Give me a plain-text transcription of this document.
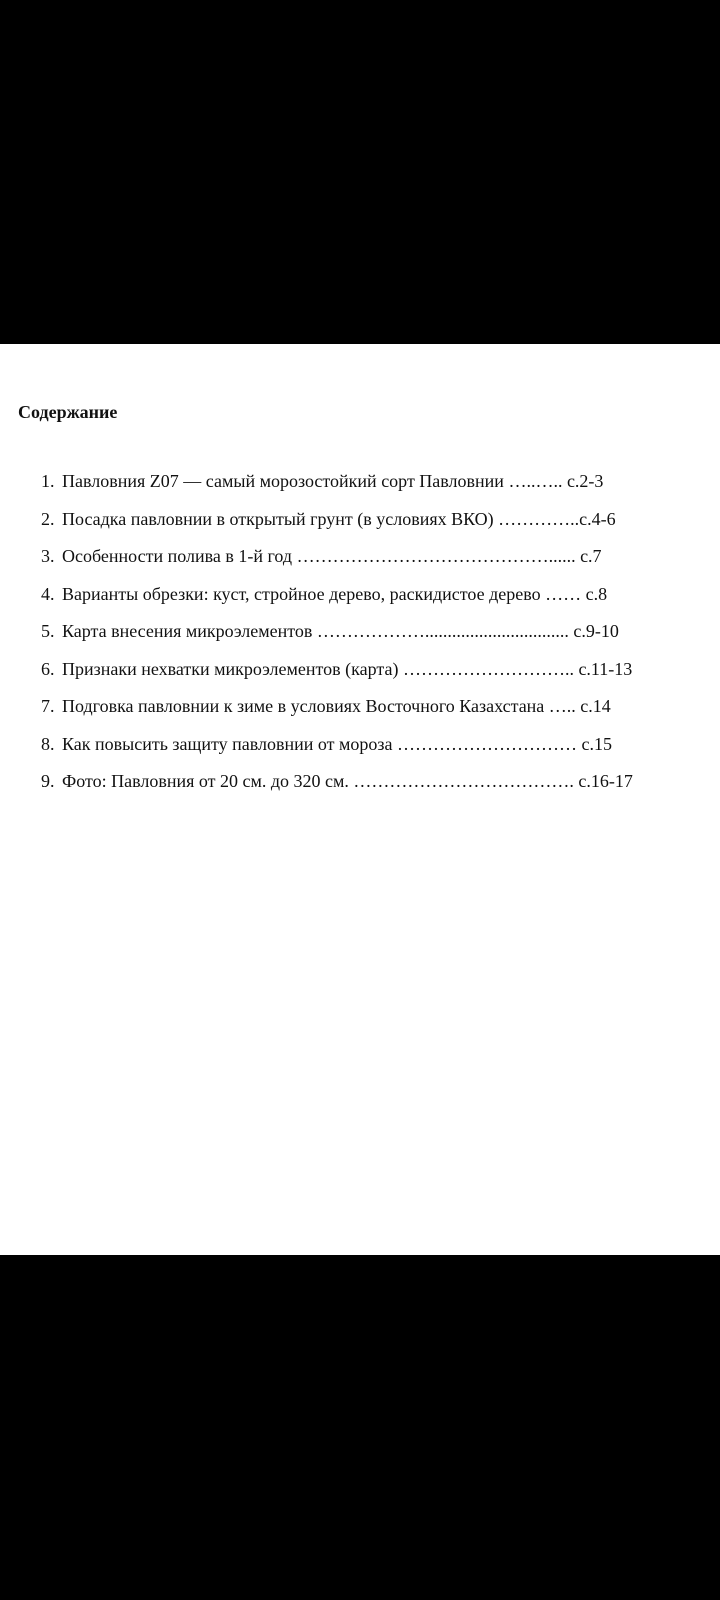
Содержание
1. Павловния Z07 — самый морозостойкий сорт Павловнии …..….. с.2-3
2. Посадка павловнии в открытый грунт (в условиях ВКО) …………..с.4-6
3. Особенности полива в 1-й год ……………………………………...... с.7
4. Варианты обрезки: куст, стройное дерево, раскидистое дерево …… с.8
5. Карта внесения микроэлементов ………………................................ с.9-10
6. Признаки нехватки микроэлементов (карта) ……………………….. с.11-13
7. Подговка павловнии к зиме в условиях Восточного Казахстана ….. с.14
8. Как повысить защиту павловнии от мороза ………………………… с.15
9. Фото: Павловния от 20 см. до 320 см. ………………………………. с.16-17
